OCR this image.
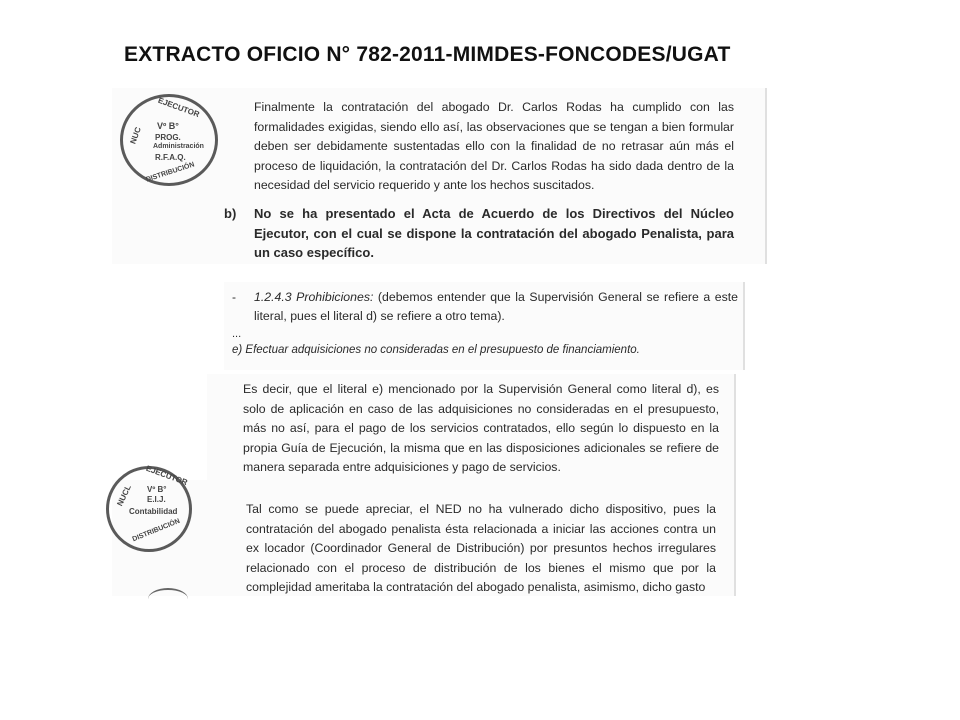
EXTRACTO OFICIO N° 782-2011-MIMDES-FONCODES/UGAT
NUC
EJECUTOR
Vº B°
PROG.
Administración
R.F.A.Q.
DISTRIBUCIÓN

Finalmente la contratación del abogado Dr. Carlos Rodas ha cumplido con las formalidades exigidas, siendo ello así, las observaciones que se tengan a bien formular deben ser debidamente sustentadas ello con la finalidad de no retrasar aún más el proceso de liquidación, la contratación del Dr. Carlos Rodas ha sido dada dentro de la necesidad del servicio requerido y ante los hechos suscitados.

b) No se ha presentado el Acta de Acuerdo de los Directivos del Núcleo Ejecutor, con el cual se dispone la contratación del abogado Penalista, para un caso específico.

- 1.2.4.3 Prohibiciones: (debemos entender que la Supervisión General se refiere a este literal, pues el literal d) se refiere a otro tema).

...

e) Efectuar adquisiciones no consideradas en el presupuesto de financiamiento.

Es decir, que el literal e) mencionado por la Supervisión General como literal d), es solo de aplicación en caso de las adquisiciones no consideradas en el presupuesto, más no así, para el pago de los servicios contratados, ello según lo dispuesto en la propia Guía de Ejecución, la misma que en las disposiciones adicionales se refiere de manera separada entre adquisiciones y pago de servicios.

NUCL
EJECUTOR
Vº B°
E.I.J.
Contabilidad
DISTRIBUCIÓN

Tal como se puede apreciar, el NED no ha vulnerado dicho dispositivo, pues la contratación del abogado penalista ésta relacionada a iniciar las acciones contra un ex locador (Coordinador General de Distribución) por presuntos hechos irregulares relacionado con el proceso de distribución de los bienes el mismo que por la complejidad ameritaba la contratación del abogado penalista, asimismo, dicho gasto
